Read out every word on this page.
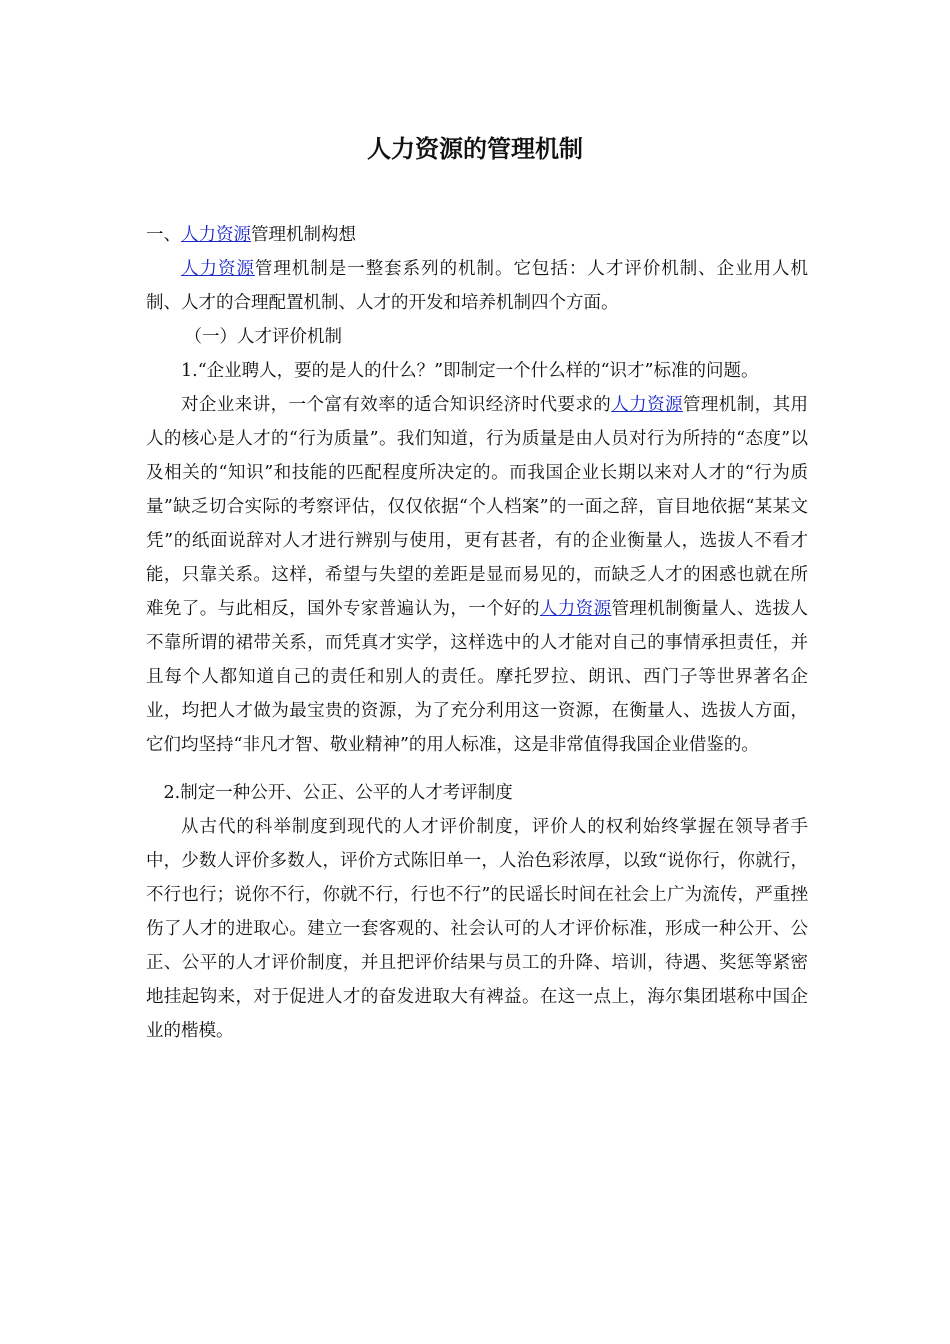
人力资源的管理机制

一、人力资源管理机制构想

人力资源管理机制是一整套系列的机制。它包括：人才评价机制、企业用人机制、人才的合理配置机制、人才的开发和培养机制四个方面。

（一）人才评价机制

1.“企业聘人，要的是人的什么？”即制定一个什么样的“识才”标准的问题。

对企业来讲，一个富有效率的适合知识经济时代要求的人力资源管理机制，其用人的核心是人才的“行为质量”。我们知道，行为质量是由人员对行为所持的“态度”以及相关的“知识”和技能的匹配程度所决定的。而我国企业长期以来对人才的“行为质量”缺乏切合实际的考察评估，仅仅依据“个人档案”的一面之辞，盲目地依据“某某文凭”的纸面说辞对人才进行辨别与使用，更有甚者，有的企业衡量人，选拔人不看才能，只靠关系。这样，希望与失望的差距是显而易见的，而缺乏人才的困惑也就在所难免了。与此相反，国外专家普遍认为，一个好的人力资源管理机制衡量人、选拔人不靠所谓的裙带关系，而凭真才实学，这样选中的人才能对自己的事情承担责任，并且每个人都知道自己的责任和别人的责任。摩托罗拉、朗讯、西门子等世界著名企业，均把人才做为最宝贵的资源，为了充分利用这一资源，在衡量人、选拔人方面，它们均坚持“非凡才智、敬业精神”的用人标准，这是非常值得我国企业借鉴的。

2.制定一种公开、公正、公平的人才考评制度

从古代的科举制度到现代的人才评价制度，评价人的权利始终掌握在领导者手中，少数人评价多数人，评价方式陈旧单一，人治色彩浓厚，以致“说你行，你就行，不行也行；说你不行，你就不行，行也不行”的民谣长时间在社会上广为流传，严重挫伤了人才的进取心。建立一套客观的、社会认可的人才评价标准，形成一种公开、公正、公平的人才评价制度，并且把评价结果与员工的升降、培训，待遇、奖惩等紧密地挂起钩来，对于促进人才的奋发进取大有裨益。在这一点上，海尔集团堪称中国企业的楷模。
